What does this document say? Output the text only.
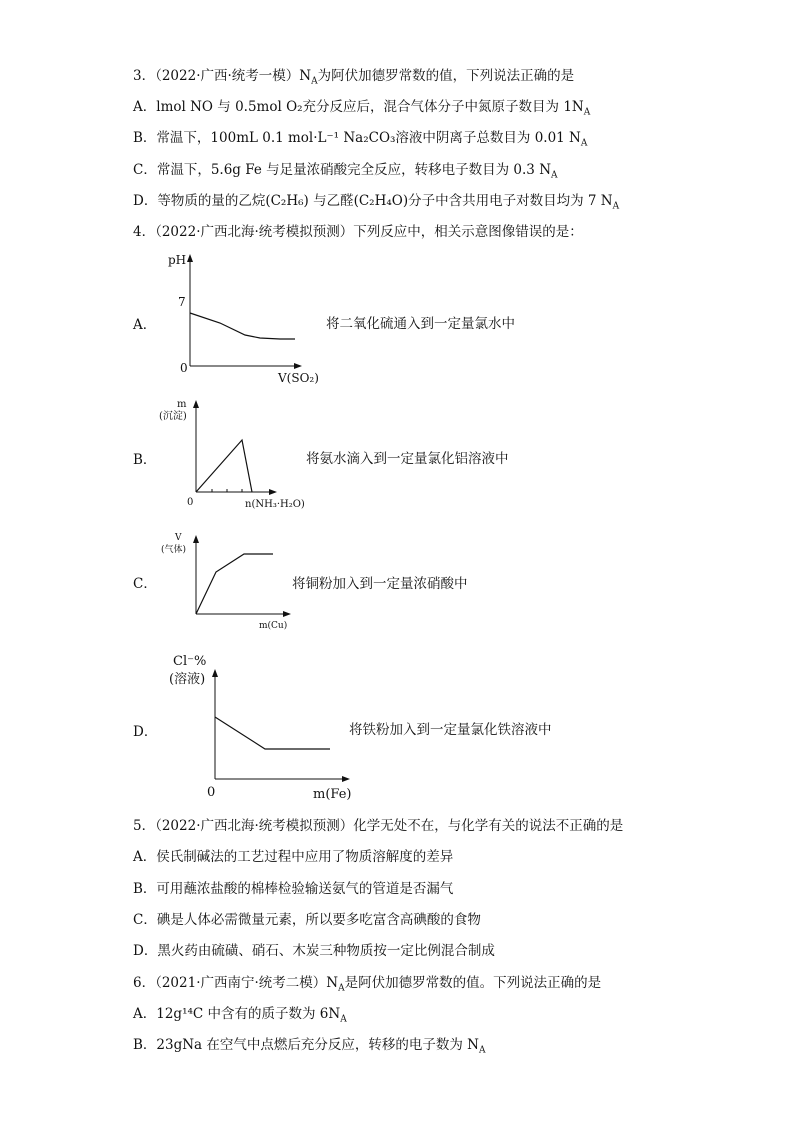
3．（2022·广西·统考一模）$N_A$为阿伏加德罗常数的值，下列说法正确的是
A．lmol NO 与 0.5mol O₂充分反应后，混合气体分子中氮原子数目为 $1N_A$
B．常温下，100mL 0.1 mol·L⁻¹ Na₂CO₃溶液中阴离子总数目为 0.01 $N_A$
C．常温下，5.6g Fe 与足量浓硝酸完全反应，转移电子数目为 0.3 $N_A$
D．等物质的量的乙烷(C₂H₆) 与乙醛(C₂H₄O)分子中含共用电子对数目均为 7 $N_A$
4．（2022·广西北海·统考模拟预测）下列反应中，相关示意图像错误的是：
A．	将二氧化硫通入到一定量氯水中
pH
7
0
V(SO₂)
B．	将氨水滴入到一定量氯化铝溶液中
m
(沉淀)
0	n(NH₃·H₂O)
C．	将铜粉加入到一定量浓硝酸中
V
(气体)
m(Cu)
D．	将铁粉加入到一定量氯化铁溶液中
Cl⁻%
(溶液)
0	m(Fe)
5．（2022·广西北海·统考模拟预测）化学无处不在，与化学有关的说法不正确的是
A．侯氏制碱法的工艺过程中应用了物质溶解度的差异
B．可用蘸浓盐酸的棉棒检验输送氨气的管道是否漏气
C．碘是人体必需微量元素，所以要多吃富含高碘酸的食物
D．黑火药由硫磺、硝石、木炭三种物质按一定比例混合制成
6．（2021·广西南宁·统考二模）$N_A$是阿伏加德罗常数的值。下列说法正确的是
A．12g¹⁴C 中含有的质子数为 $6N_A$
B．23gNa 在空气中点燃后充分反应，转移的电子数为 $N_A$
